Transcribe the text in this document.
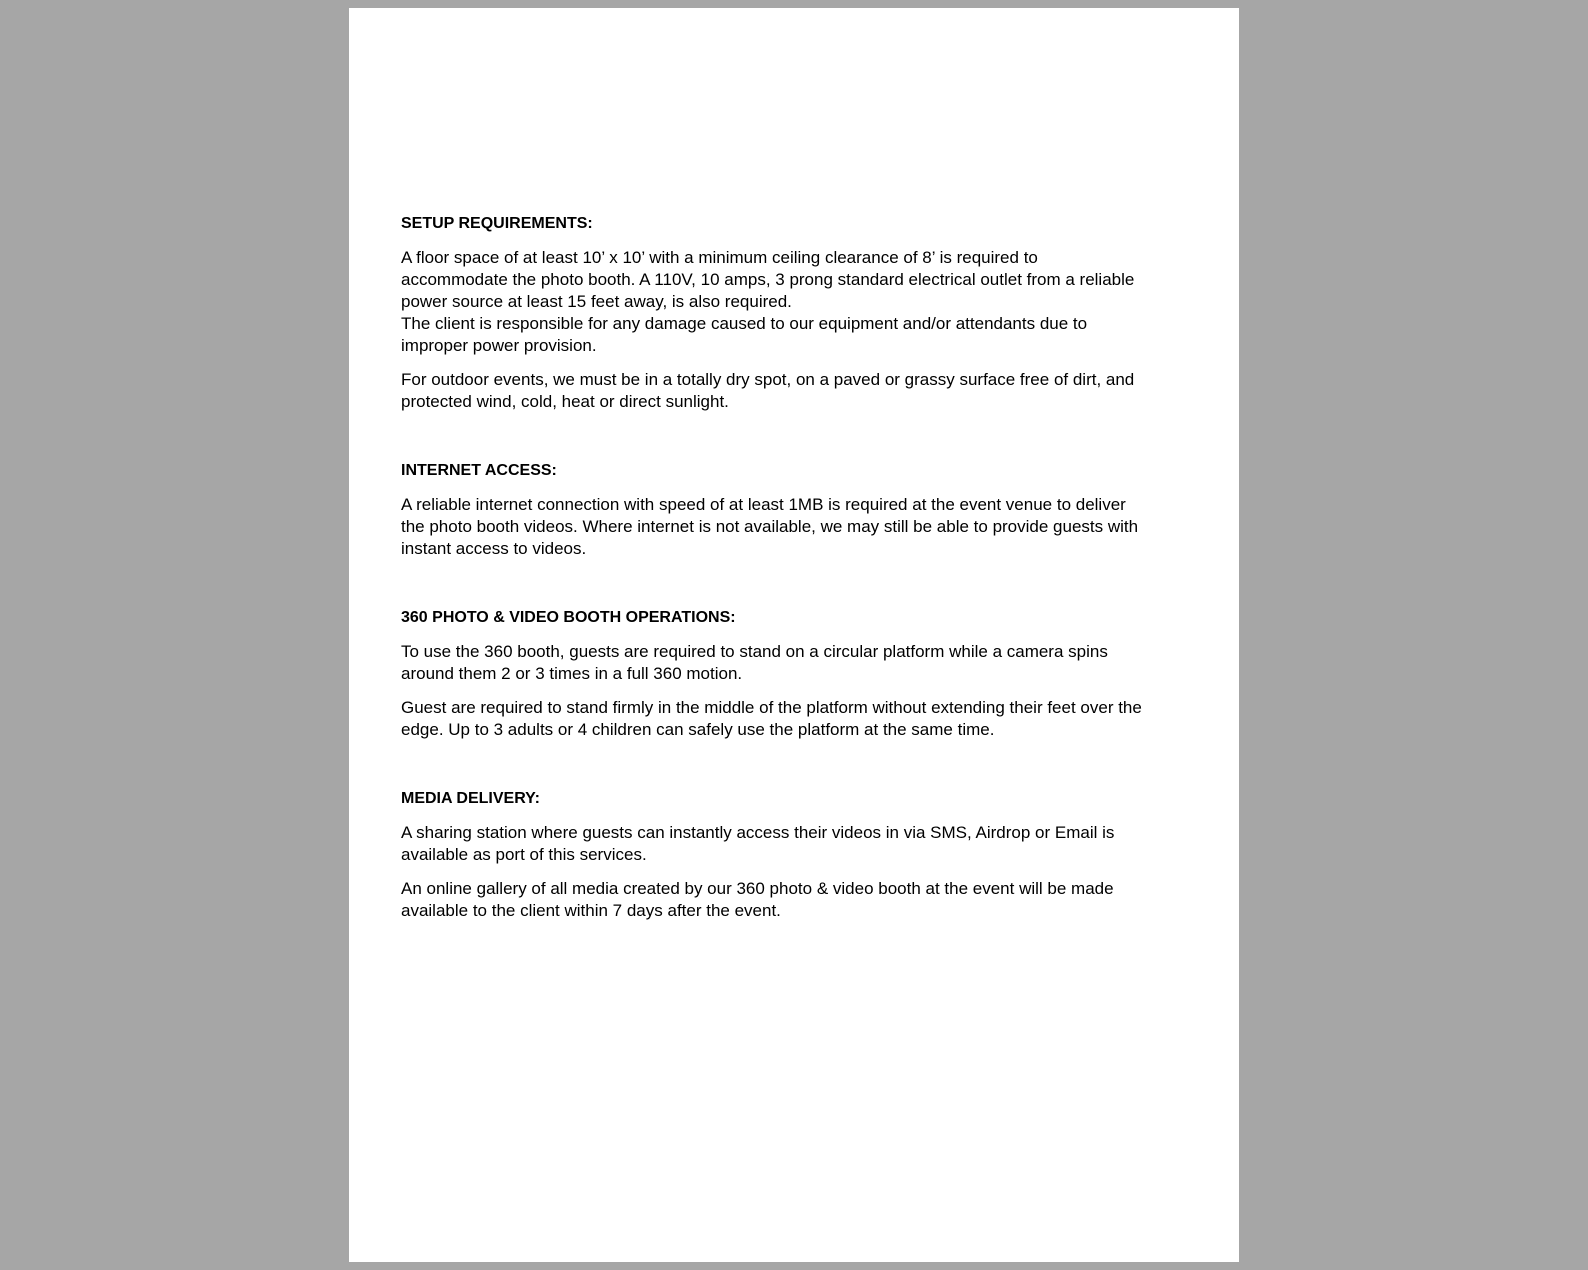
SETUP REQUIREMENTS:
A floor space of at least 10’ x 10’ with a minimum ceiling clearance of 8’ is required to
accommodate the photo booth. A 110V, 10 amps, 3 prong standard electrical outlet from a reliable
power source at least 15 feet away, is also required.
The client is responsible for any damage caused to our equipment and/or attendants due to
improper power provision.
For outdoor events, we must be in a totally dry spot, on a paved or grassy surface free of dirt, and
protected wind, cold, heat or direct sunlight.
INTERNET ACCESS:
A reliable internet connection with speed of at least 1MB is required at the event venue to deliver
the photo booth videos. Where internet is not available, we may still be able to provide guests with
instant access to videos.
360 PHOTO & VIDEO BOOTH OPERATIONS:
To use the 360 booth, guests are required to stand on a circular platform while a camera spins
around them 2 or 3 times in a full 360 motion.
Guest are required to stand firmly in the middle of the platform without extending their feet over the
edge. Up to 3 adults or 4 children can safely use the platform at the same time.
MEDIA DELIVERY:
A sharing station where guests can instantly access their videos in via SMS, Airdrop or Email is
available as port of this services.
An online gallery of all media created by our 360 photo & video booth at the event will be made
available to the client within 7 days after the event.
